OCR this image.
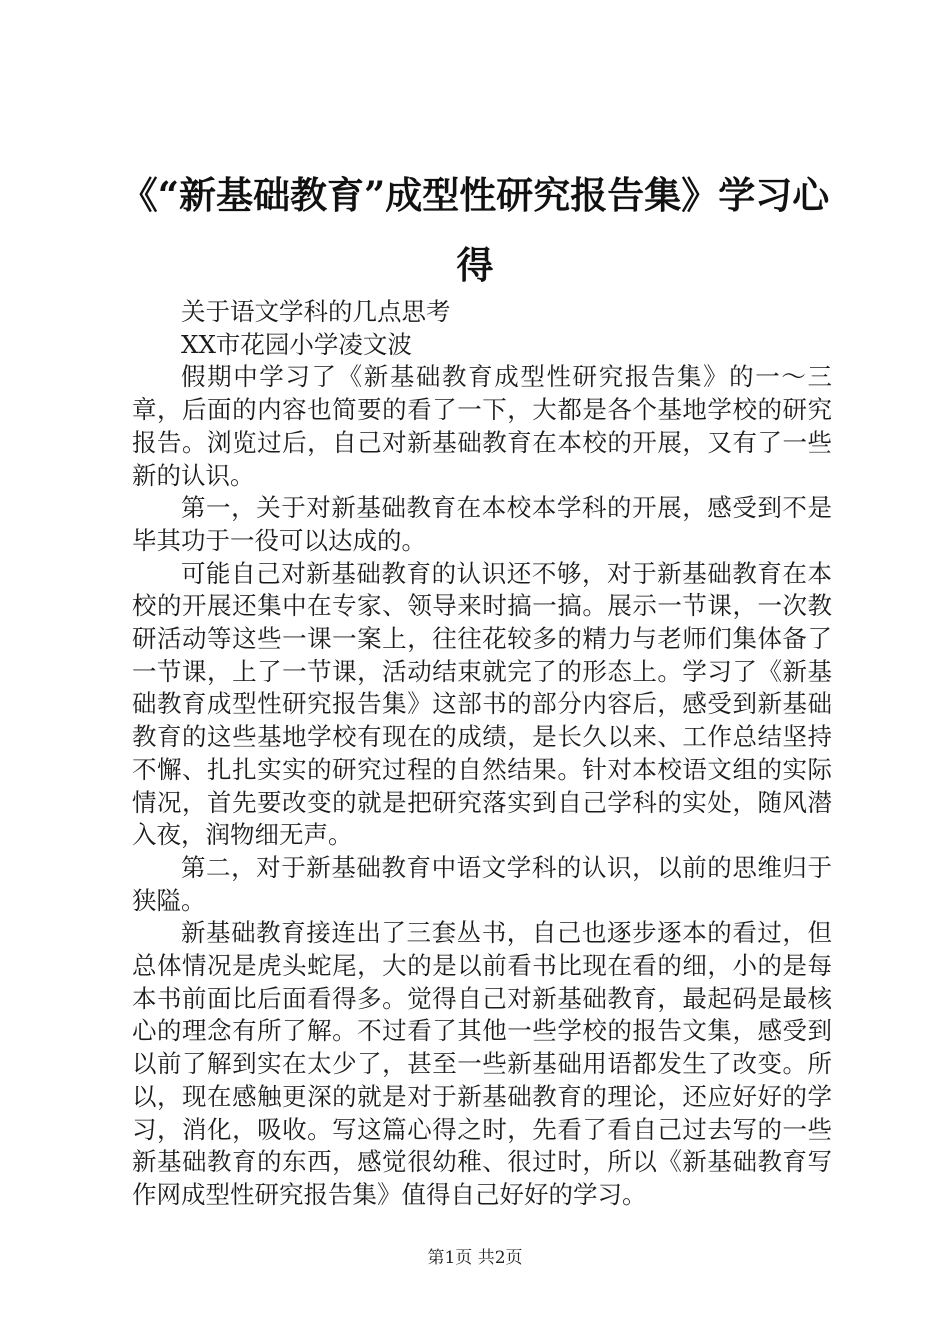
《“新基础教育”成型性研究报告集》学习心得

关于语文学科的几点思考

XX市花园小学凌文波

假期中学习了《新基础教育成型性研究报告集》的一～三章，后面的内容也简要的看了一下，大都是各个基地学校的研究报告。浏览过后，自己对新基础教育在本校的开展，又有了一些新的认识。

第一，关于对新基础教育在本校本学科的开展，感受到不是毕其功于一役可以达成的。

可能自己对新基础教育的认识还不够，对于新基础教育在本校的开展还集中在专家、领导来时搞一搞。展示一节课，一次教研活动等这些一课一案上，往往花较多的精力与老师们集体备了一节课，上了一节课，活动结束就完了的形态上。学习了《新基础教育成型性研究报告集》这部书的部分内容后，感受到新基础教育的这些基地学校有现在的成绩，是长久以来、工作总结坚持不懈、扎扎实实的研究过程的自然结果。针对本校语文组的实际情况，首先要改变的就是把研究落实到自己学科的实处，随风潜入夜，润物细无声。

第二，对于新基础教育中语文学科的认识，以前的思维归于狭隘。

新基础教育接连出了三套丛书，自己也逐步逐本的看过，但总体情况是虎头蛇尾，大的是以前看书比现在看的细，小的是每本书前面比后面看得多。觉得自己对新基础教育，最起码是最核心的理念有所了解。不过看了其他一些学校的报告文集，感受到以前了解到实在太少了，甚至一些新基础用语都发生了改变。所以，现在感触更深的就是对于新基础教育的理论，还应好好的学习，消化，吸收。写这篇心得之时，先看了看自己过去写的一些新基础教育的东西，感觉很幼稚、很过时，所以《新基础教育写作网成型性研究报告集》值得自己好好的学习。

第1页 共2页
